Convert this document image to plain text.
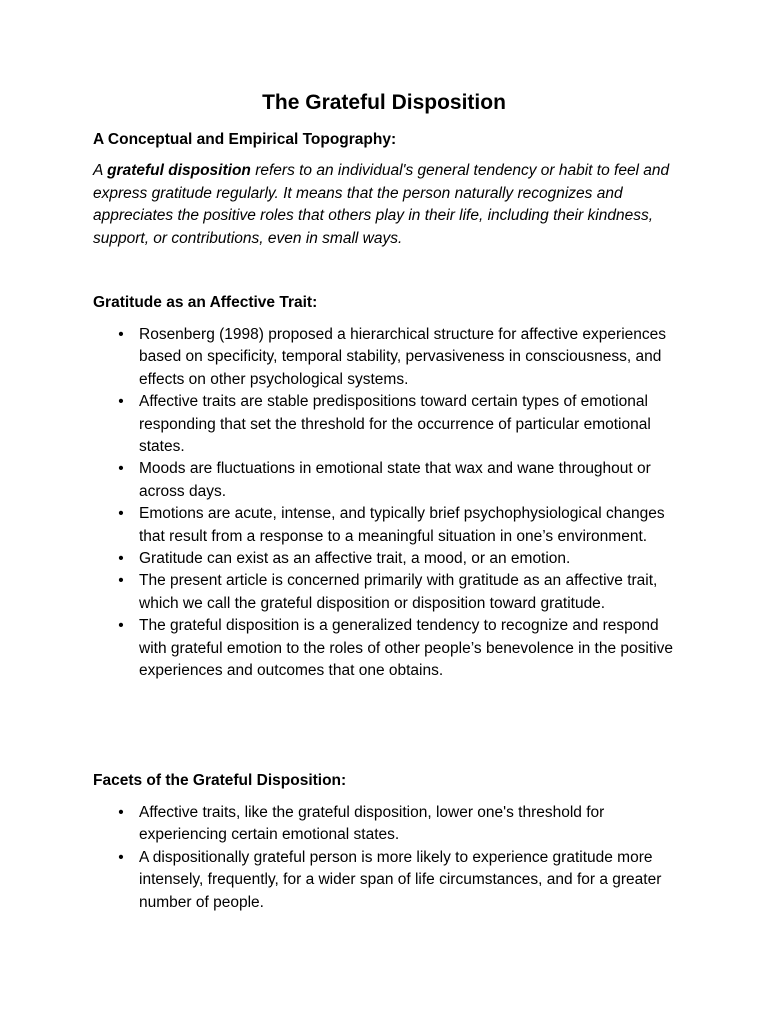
The Grateful Disposition

A Conceptual and Empirical Topography:

A grateful disposition refers to an individual's general tendency or habit to feel and express gratitude regularly. It means that the person naturally recognizes and appreciates the positive roles that others play in their life, including their kindness, support, or contributions, even in small ways.

Gratitude as an Affective Trait:
• Rosenberg (1998) proposed a hierarchical structure for affective experiences based on specificity, temporal stability, pervasiveness in consciousness, and effects on other psychological systems.
• Affective traits are stable predispositions toward certain types of emotional responding that set the threshold for the occurrence of particular emotional states.
• Moods are fluctuations in emotional state that wax and wane throughout or across days.
• Emotions are acute, intense, and typically brief psychophysiological changes that result from a response to a meaningful situation in one’s environment.
• Gratitude can exist as an affective trait, a mood, or an emotion.
• The present article is concerned primarily with gratitude as an affective trait, which we call the grateful disposition or disposition toward gratitude.
• The grateful disposition is a generalized tendency to recognize and respond with grateful emotion to the roles of other people’s benevolence in the positive experiences and outcomes that one obtains.
Facets of the Grateful Disposition:
• Affective traits, like the grateful disposition, lower one's threshold for experiencing certain emotional states.
• A dispositionally grateful person is more likely to experience gratitude more intensely, frequently, for a wider span of life circumstances, and for a greater number of people.
